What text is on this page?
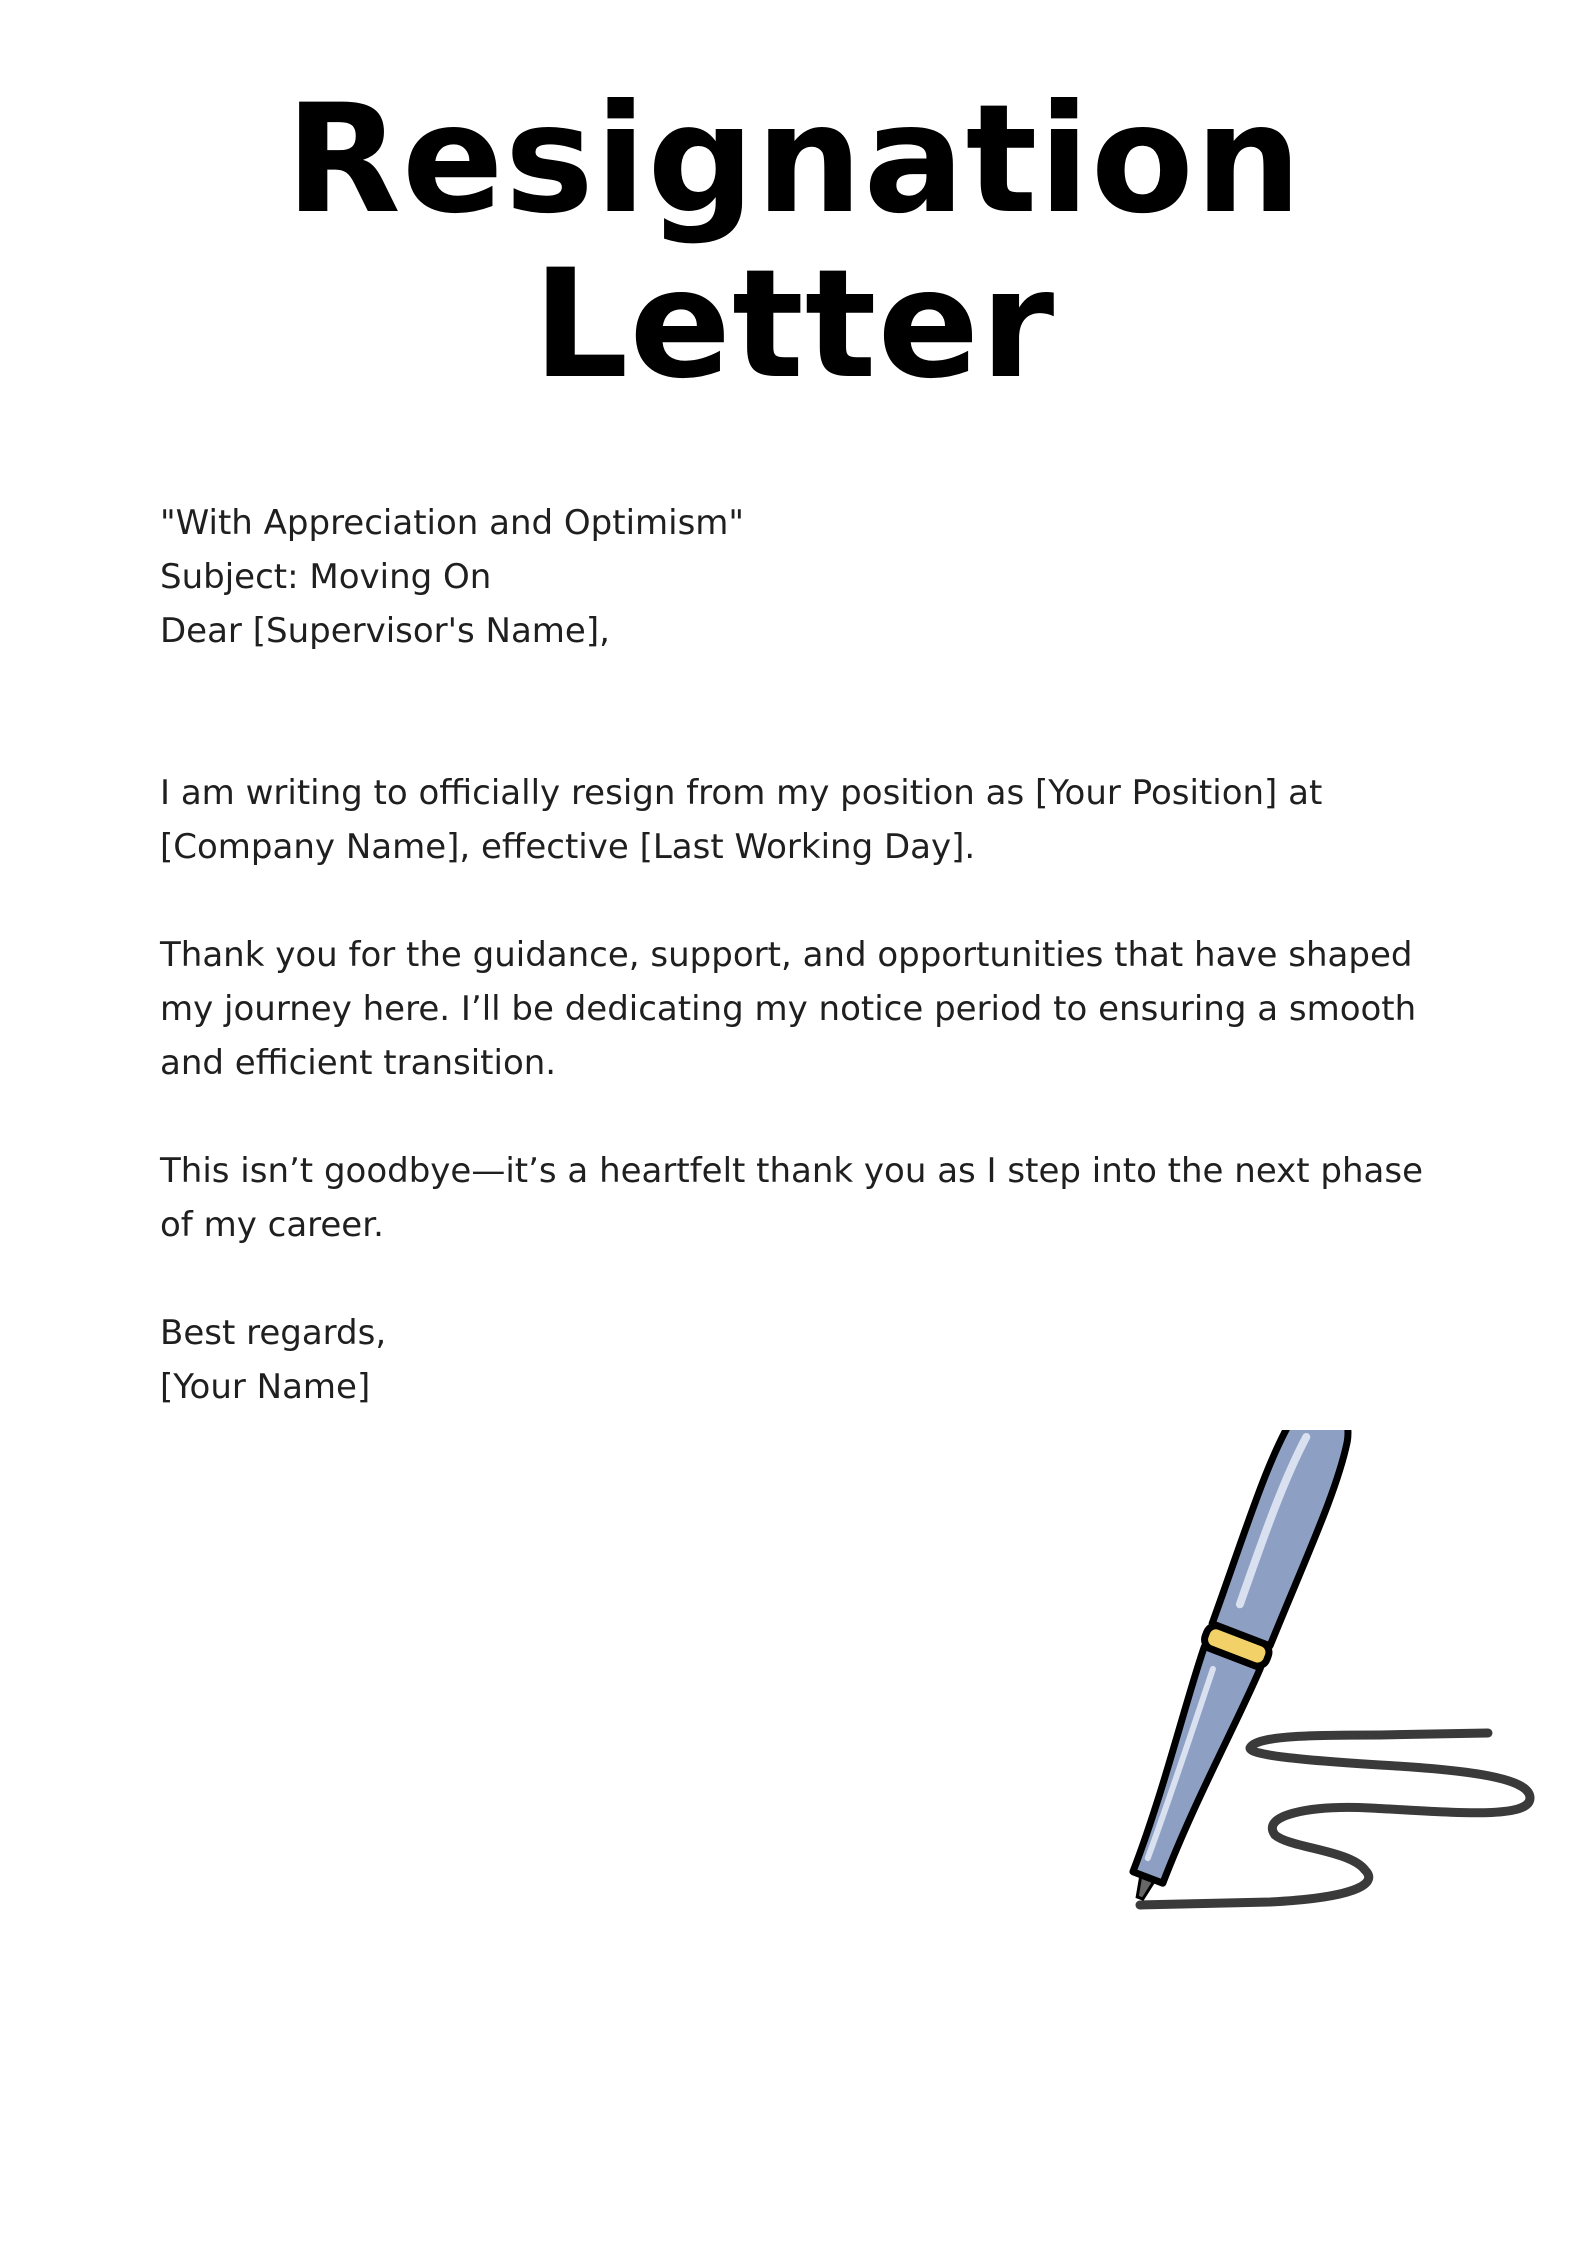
Resignation Letter

"With Appreciation and Optimism"
Subject: Moving On
Dear [Supervisor's Name],

I am writing to officially resign from my position as [Your Position] at
[Company Name], effective [Last Working Day].

Thank you for the guidance, support, and opportunities that have shaped
my journey here. I’ll be dedicating my notice period to ensuring a smooth
and efficient transition.

This isn’t goodbye—it’s a heartfelt thank you as I step into the next phase
of my career.

Best regards,
[Your Name]
